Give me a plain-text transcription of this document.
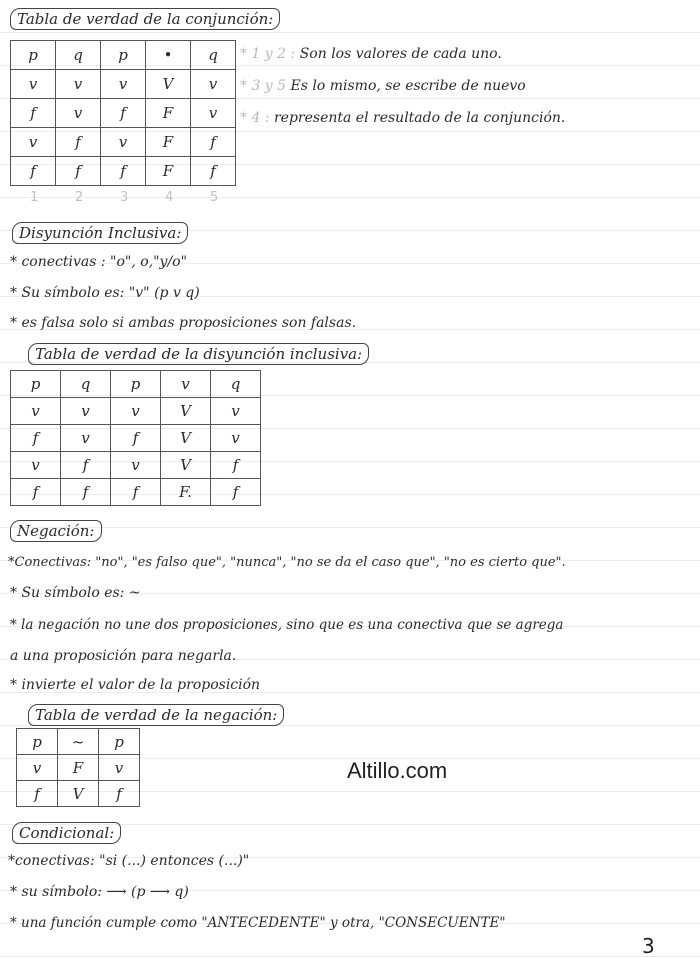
Tabla de verdad de la conjunción:
p	q	p	•	q
v	v	v	V	v
f	v	f	F	v
v	f	v	F	f
f	f	f	F	f
1	2	3	4	5
* 1 y 2 : Son los valores de cada uno.
* 3 y 5 Es lo mismo, se escribe de nuevo
* 4 : representa el resultado de la conjunción.
Disyunción Inclusiva:
* conectivas : "o", o,"y/o"
* Su símbolo es: "v" (p v q)
* es falsa solo si ambas proposiciones son falsas.
Tabla de verdad de la disyunción inclusiva:
p	q	p	v	q
v	v	v	V	v
f	v	f	V	v
v	f	v	V	f
f	f	f	F.	f
Negación:
*Conectivas: "no", "es falso que", "nunca", "no se da el caso que", "no es cierto que".
* Su símbolo es: ~
* la negación no une dos proposiciones, sino que es una conectiva que se agrega
a una proposición para negarla.
* invierte el valor de la proposición
Tabla de verdad de la negación:
p	~	p
v	F	v
f	V	f
Altillo.com
Condicional:
*conectivas: "si (...) entonces (...)"
* su símbolo: ⟶ (p ⟶ q)
* una función cumple como "ANTECEDENTE" y otra, "CONSECUENTE"
3
